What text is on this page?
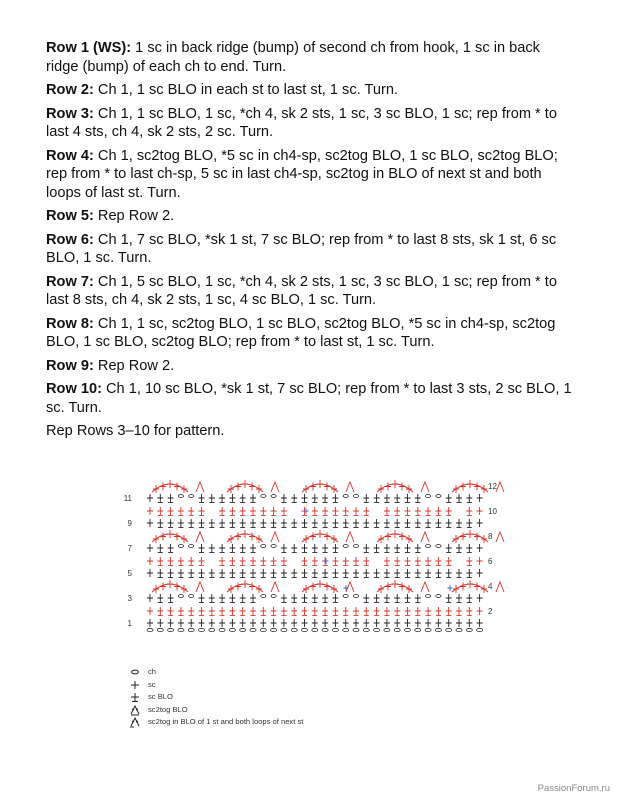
Row 1 (WS): 1 sc in back ridge (bump) of second ch from hook, 1 sc in back ridge (bump) of each ch to end. Turn.

Row 2: Ch 1, 1 sc BLO in each st to last st, 1 sc. Turn.

Row 3: Ch 1, 1 sc BLO, 1 sc, *ch 4, sk 2 sts, 1 sc, 3 sc BLO, 1 sc; rep from * to last 4 sts, ch 4, sk 2 sts, 2 sc. Turn.

Row 4: Ch 1, sc2tog BLO, *5 sc in ch4-sp, sc2tog BLO, 1 sc BLO, sc2tog BLO; rep from * to last ch-sp, 5 sc in last ch4-sp, sc2tog in BLO of next st and both loops of last st. Turn.

Row 5: Rep Row 2.

Row 6: Ch 1, 7 sc BLO, *sk 1 st, 7 sc BLO; rep from * to last 8 sts, sk 1 st, 6 sc BLO, 1 sc. Turn.

Row 7: Ch 1, 5 sc BLO, 1 sc, *ch 4, sk 2 sts, 1 sc, 3 sc BLO, 1 sc; rep from * to last 8 sts, ch 4, sk 2 sts, 1 sc, 4 sc BLO, 1 sc. Turn.

Row 8: Ch 1, 1 sc, sc2tog BLO, 1 sc BLO, sc2tog BLO, *5 sc in ch4-sp, sc2tog BLO, 1 sc BLO, sc2tog BLO; rep from * to last st, 1 sc. Turn.

Row 9: Rep Row 2.

Row 10: Ch 1, 10 sc BLO, *sk 1 st, 7 sc BLO; rep from * to last 3 sts, 2 sc BLO, 1 sc. Turn.

Rep Rows 3–10 for pattern.

11
9
7
5
3
1
12
10
8
6
4
2
ch
sc
sc BLO
sc2tog BLO
sc2tog in BLO of 1 st and both loops of next st
PassionForum.ru
